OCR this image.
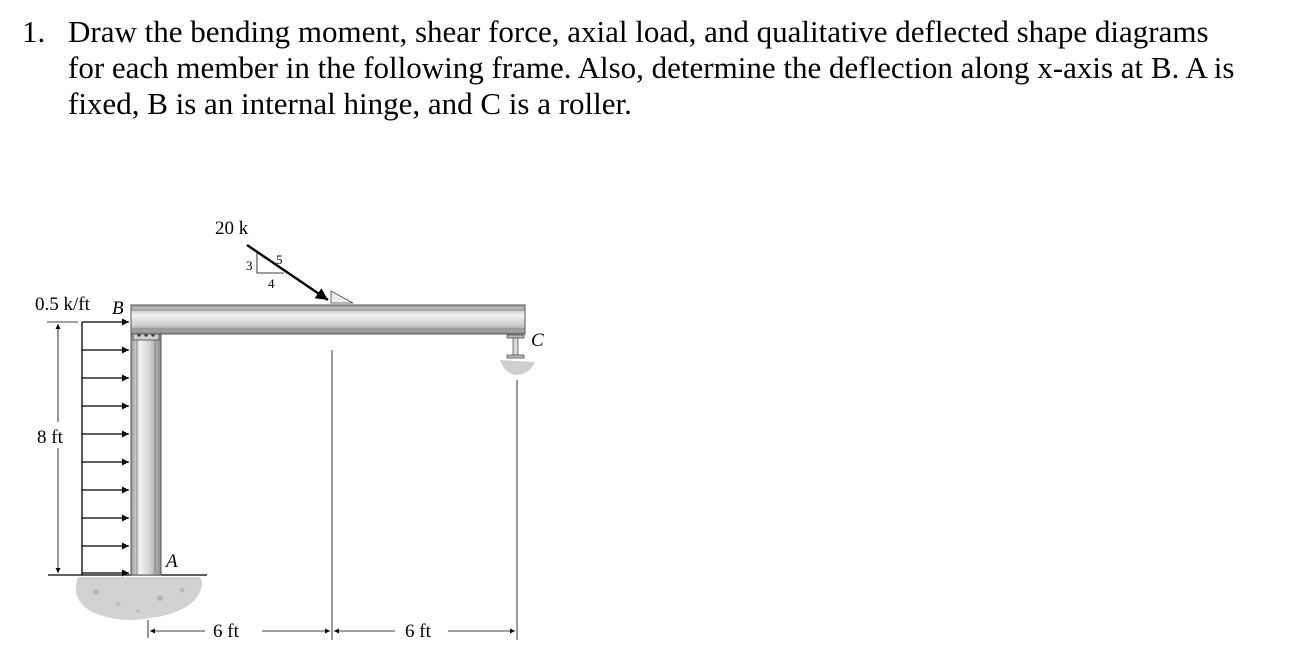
1. Draw the bending moment, shear force, axial load, and qualitative deflected shape diagrams
for each member in the following frame. Also, determine the deflection along x-axis at B. A is
fixed, B is an internal hinge, and C is a roller.
20 k
3 5
4
0.5 k/ft B
8 ft
A
C
6 ft	6 ft
